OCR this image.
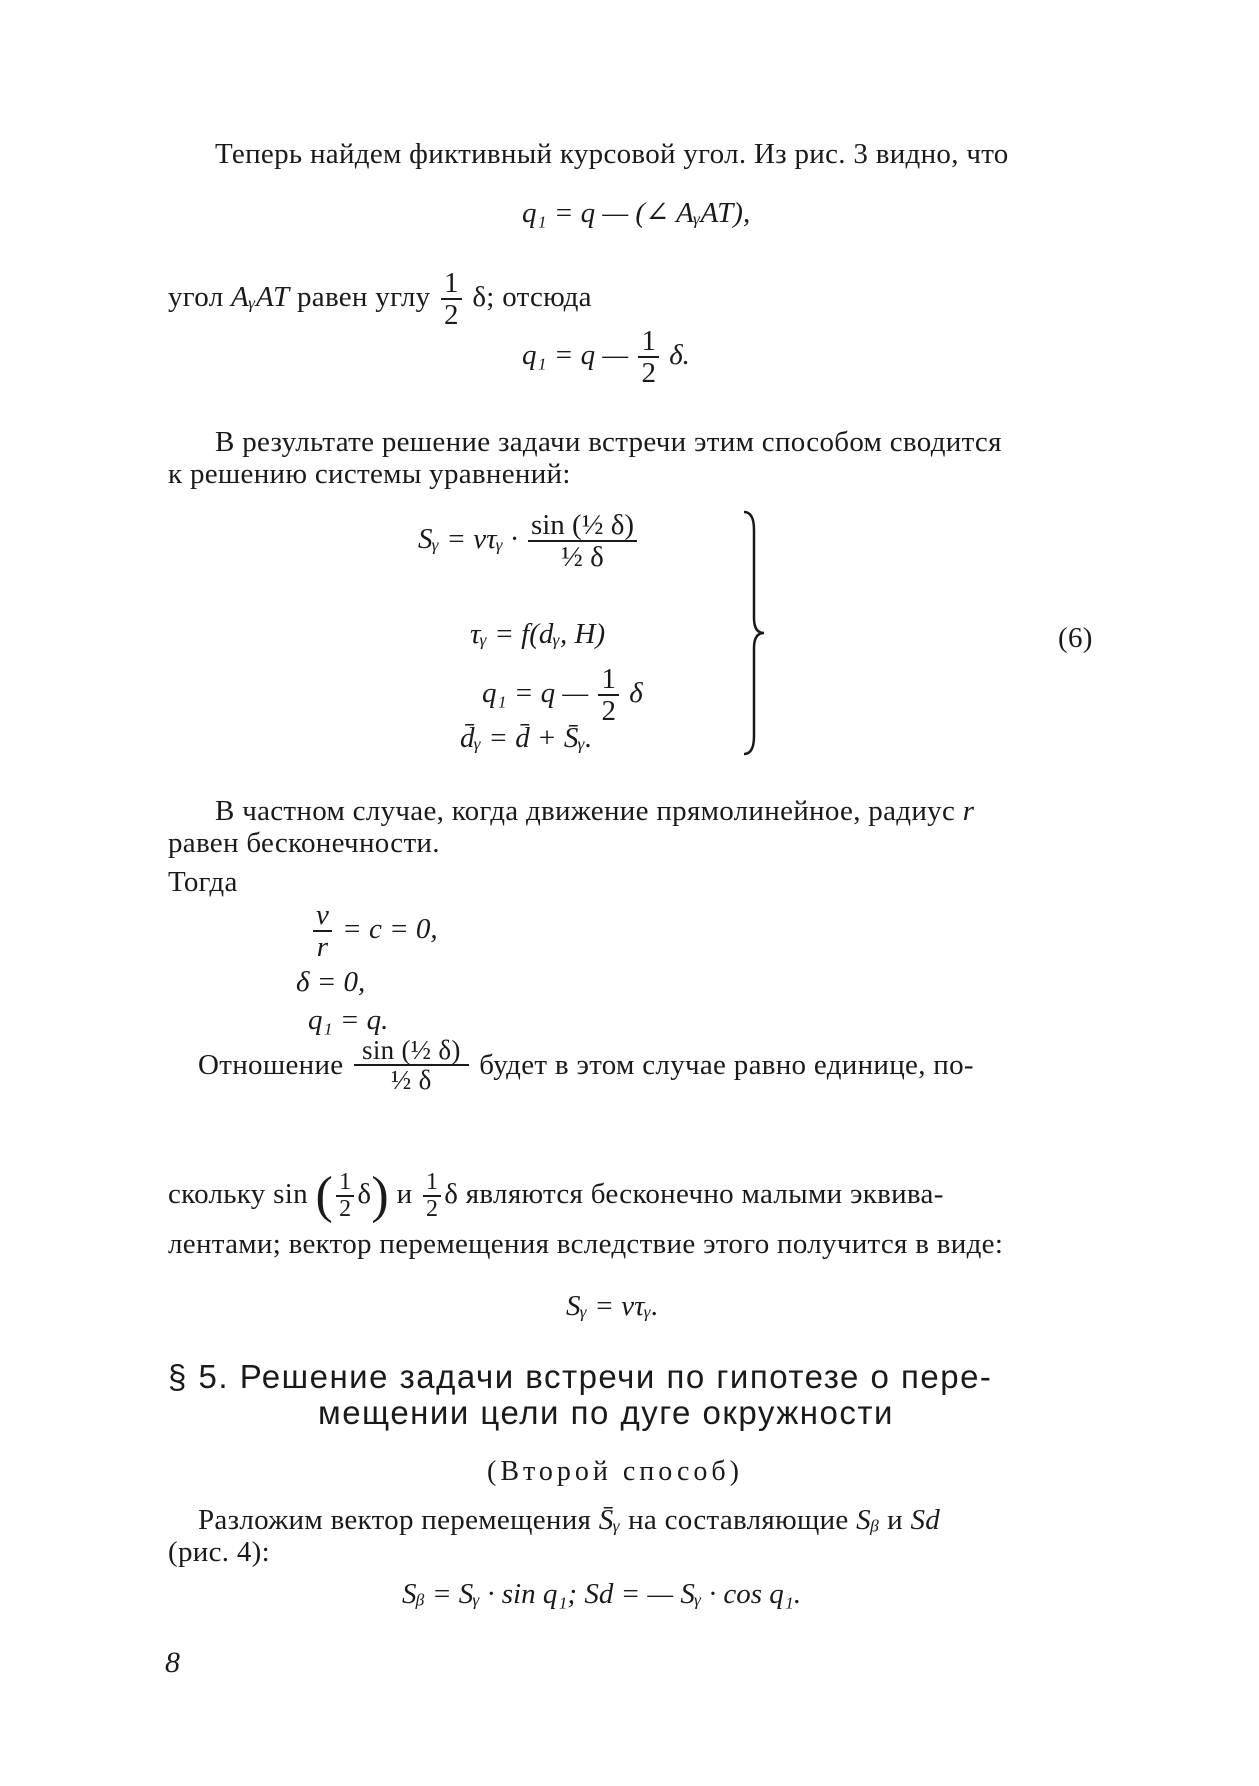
Теперь найдем фиктивный курсовой угол. Из рис. 3 видно, что
q₁ = q — (∠ AᵧAT),
угол AᵧAT равен углу $\frac{1}{2} \delta$; отсюда
q₁ = q — $\frac{1}{2} \delta$.
В результате решение задачи встречи этим способом сводится
к решению системы уравнений:
Sᵧ = vτᵧ · $\frac{\text{sin (½ δ)}}{\text{½ δ}}$
τᵧ = f(dᵧ, H)
q₁ = q — $\frac{1}{2}$ δ
d̄ᵧ = d̄ + S̄ᵧ.
(6)
В частном случае, когда движение прямолинейное, радиус r
равен бесконечности.
Тогда
$\frac{v}{r} = c = 0$,
δ = 0,
q₁ = q.
Отношение $\frac{\text{sin (½ δ)}}{\text{½ δ}}$ будет в этом случае равно единице, по-
скольку sin ( $\frac{1}{2} \delta$) и $\frac{1}{2}$ δ являются бесконечно малыми эквива-
лентами; вектор перемещения вследствие этого получится в виде:
Sᵧ = vτᵧ.
§ 5. Решение задачи встречи по гипотезе о пере-
мещении цели по дуге окружности
(Второй способ)
Разложим вектор перемещения S̄ᵧ на составляющие Sᵦ и Sd
(рис. 4):
Sᵦ = Sᵧ · sin q₁; Sd = — Sᵧ · cos q₁.
8
